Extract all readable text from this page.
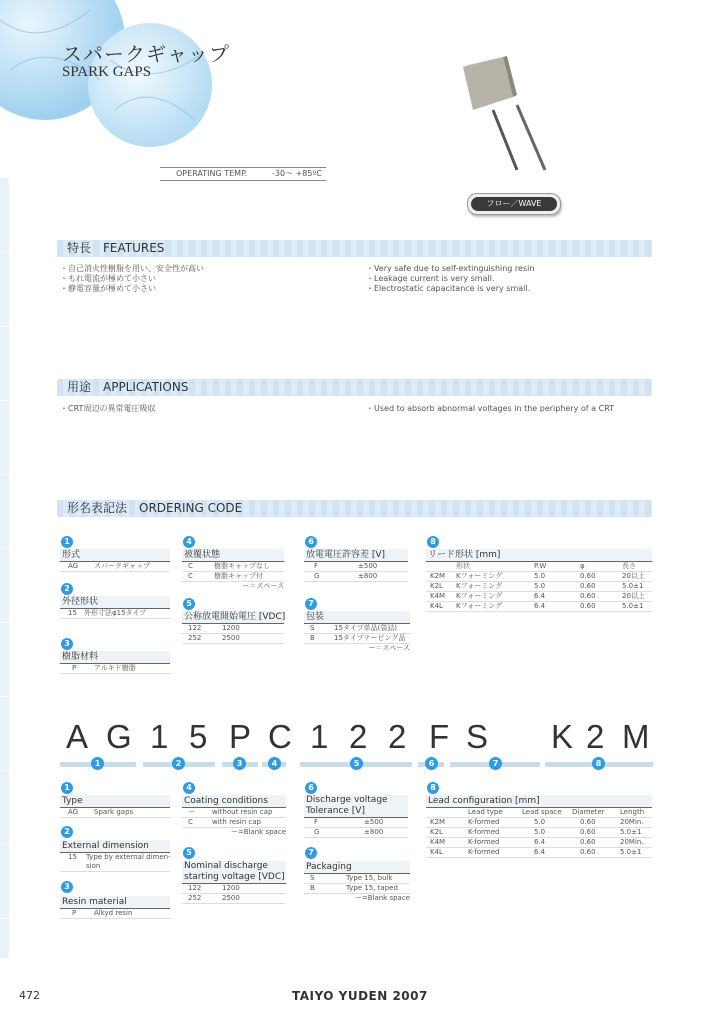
スパークギャップ
SPARK GAPS
OPERATING TEMP.	-30～ +85ºC
フロー／WAVE
特長　FEATURES
・自己消火性樹脂を用い、安全性が高い
・もれ電流が極めて小さい
・静電容量が極めて小さい
・Very safe due to self-extinguishing resin
・Leakage current is very small.
・Electrostatic capacitance is very small.
用途　APPLICATIONS
・CRT周辺の異常電圧吸収	・Used to absorb abnormal voltages in the periphery of a CRT
形名表記法　ORDERING CODE
1
形式
AG スパークギャップ
2
外径形状
15 外形寸法φ15タイプ
3
樹脂材料
P	アルキド樹脂
4
被覆状態
C	樹脂キャップなし
C	樹脂キャップ付
ー＝スペース
5
公称放電開始電圧 [VDC]
122	1200
252	2500
6
放電電圧許容差 [V]
F	±500
G	±800
7
包装
S	15タイプ単品(袋詰)
B	15タイプテーピング品
ー＝スペース
8
リード形状 [mm]
形状	P.W	φ	長さ
K2M Kフォーミング	5.0	0.60	20以上
K2L Kフォーミング	5.0	0.60	5.0±1
K4M Kフォーミング	6.4	0.60	20以上
K4L Kフォーミング	6.4	0.60	5.0±1
A G 1 5 P C 1 2 2 F S K 2 M
1	2	3	4	5	6	7	8
1
Type
AG Spark gaps
2
External dimension
15 Type by external dimen-
sion
3
Resin material
P	Alkyd resin
4
Coating conditions
ー without resin cap
C	with resin cap
ー=Blank space
5
Nominal discharge starting voltage [VDC]
122	1200
252	2500
6
Discharge voltage Tolerance [V]
F	±500
G	±800
7
Packaging
S	Type 15, bulk
B	Type 15, taped
ー=Blank space
8
Lead configuration [mm]
Lead type	Lead space Diameter Length
K2M	K-formed	5.0	0.60	20Min.
K2L	K-formed	5.0	0.60	5.0±1
K4M	K-formed	6.4	0.60	20Min.
K4L	K-formed	6.4	0.60	5.0±1
472	TAIYO YUDEN 2007
